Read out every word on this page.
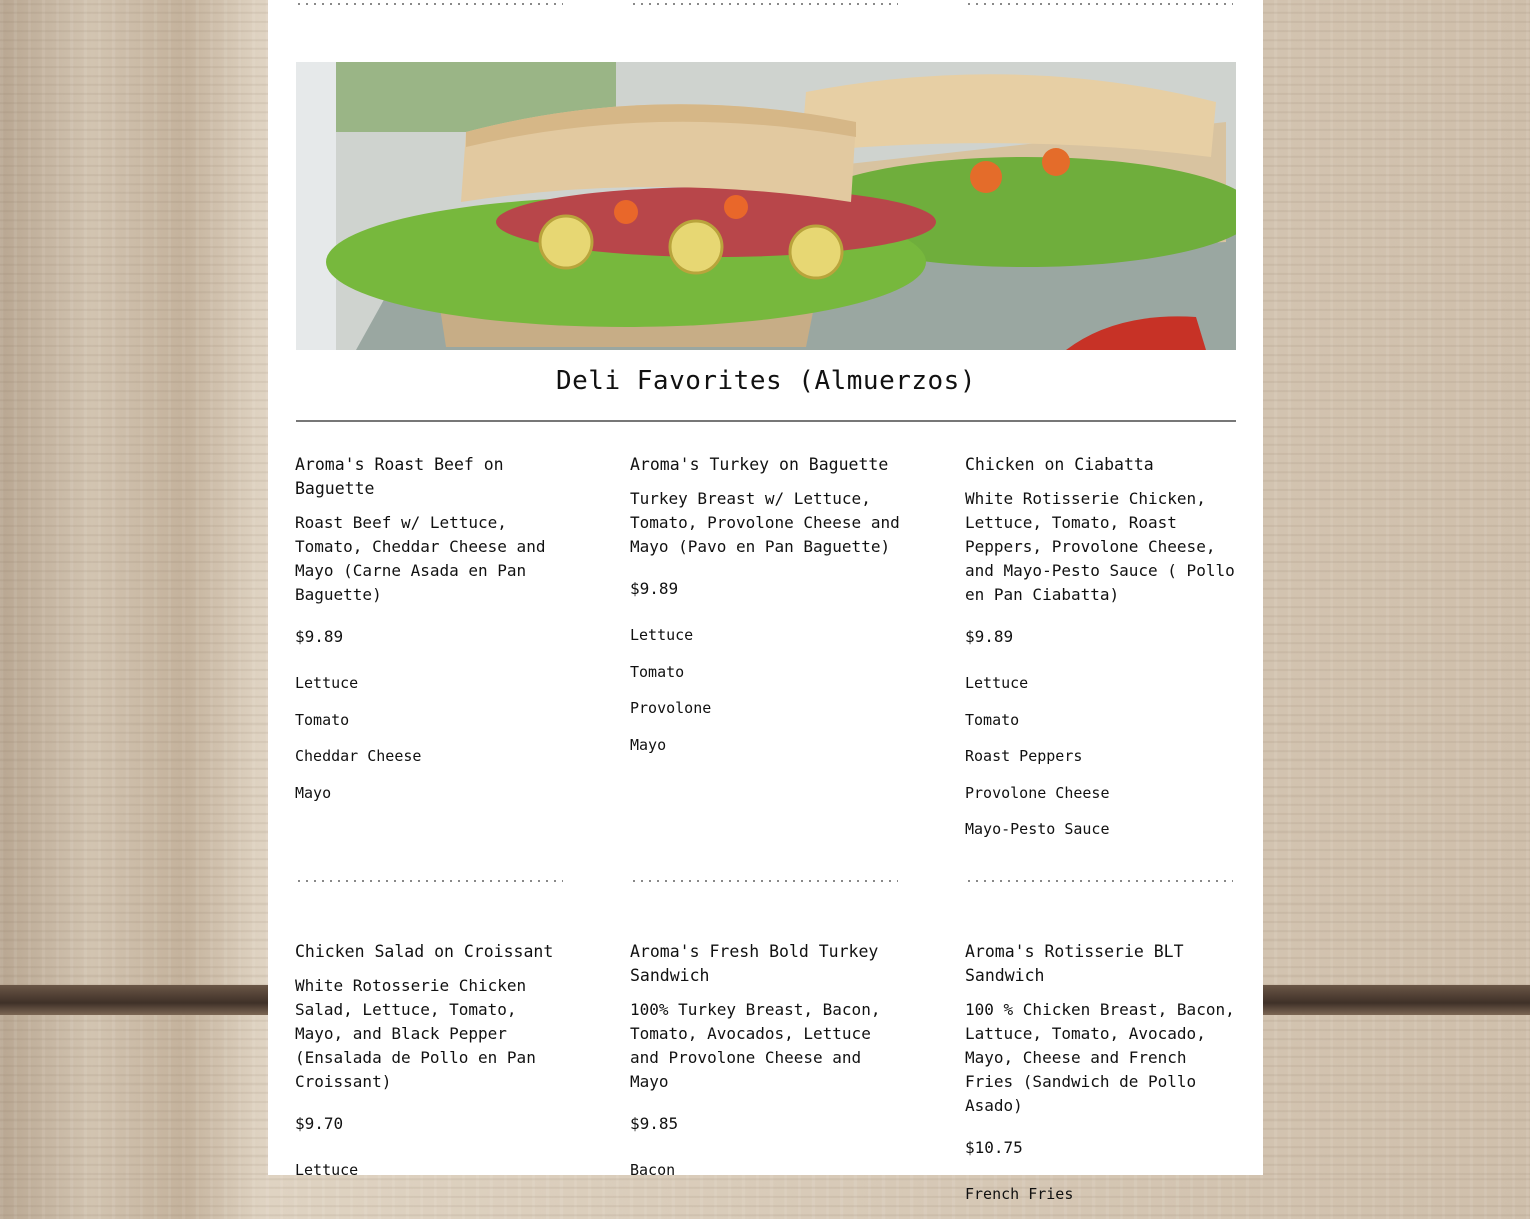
Deli Favorites (Almuerzos)

Aroma's Roast Beef on Baguette

Roast Beef w/ Lettuce, Tomato, Cheddar Cheese and Mayo (Carne Asada en Pan Baguette)

$9.89

Lettuce
Tomato
Cheddar Cheese
Mayo

Aroma's Turkey on Baguette

Turkey Breast w/ Lettuce, Tomato, Provolone Cheese and Mayo (Pavo en Pan Baguette)

$9.89

Lettuce
Tomato
Provolone
Mayo

Chicken on Ciabatta

White Rotisserie Chicken, Lettuce, Tomato, Roast Peppers, Provolone Cheese, and Mayo-Pesto Sauce ( Pollo en Pan Ciabatta)

$9.89

Lettuce
Tomato
Roast Peppers
Provolone Cheese
Mayo-Pesto Sauce

Chicken Salad on Croissant

White Rotosserie Chicken Salad, Lettuce, Tomato, Mayo, and Black Pepper (Ensalada de Pollo en Pan Croissant)

$9.70

Lettuce

Aroma's Fresh Bold Turkey Sandwich

100% Turkey Breast, Bacon, Tomato, Avocados, Lettuce and Provolone Cheese and Mayo

$9.85

Bacon

Aroma's Rotisserie BLT Sandwich

100 % Chicken Breast, Bacon, Lattuce, Tomato, Avocado, Mayo, Cheese and French Fries (Sandwich de Pollo Asado)

$10.75

French Fries
